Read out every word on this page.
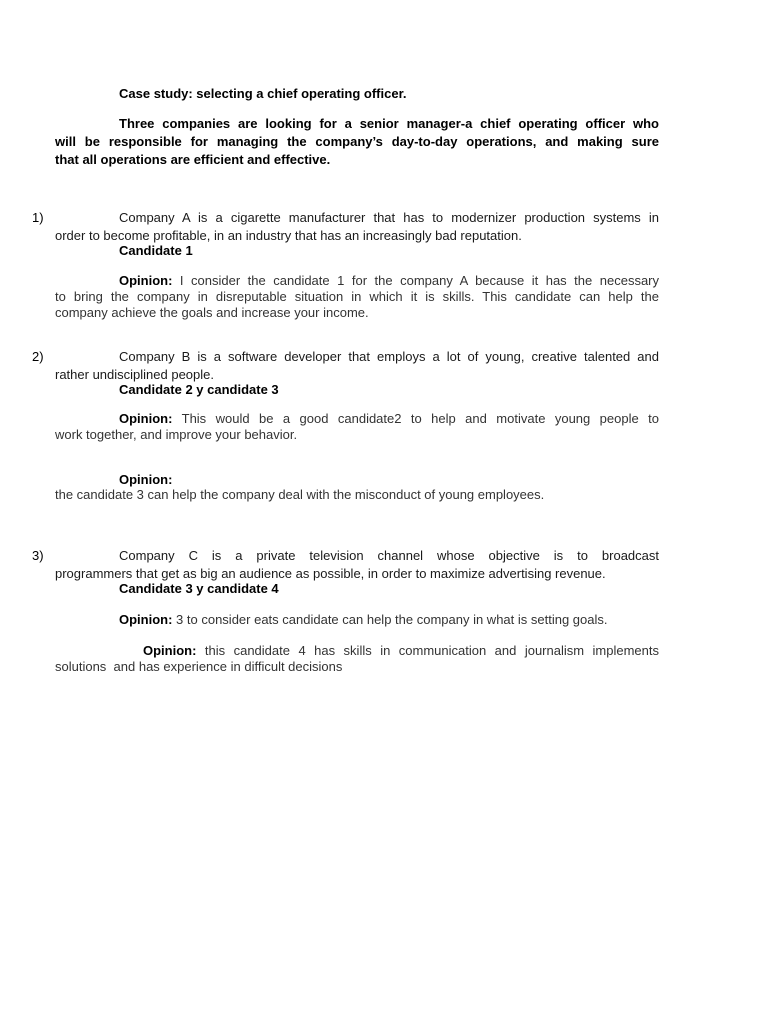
Case study: selecting a chief operating officer.
Three companies are looking for a senior manager-a chief operating officer who
will be responsible for managing the company’s day-to-day operations, and making sure
that all operations are efficient and effective.
1)	Company A is a cigarette manufacturer that has to modernizer production systems in
order to become profitable, in an industry that has an increasingly bad reputation.
Candidate 1
Opinion: I consider the candidate 1 for the company A because it has the necessary
to bring the company in disreputable situation in which it is skills. This candidate can help the
company achieve the goals and increase your income.
2)	Company B is a software developer that employs a lot of young, creative talented and
rather undisciplined people.
Candidate 2 y candidate 3
Opinion: This would be a good candidate2 to help and motivate young people to
work together, and improve your behavior.
Opinion:
the candidate 3 can help the company deal with the misconduct of young employees.
3)	Company C is a private television channel whose objective is to broadcast
programmers that get as big an audience as possible, in order to maximize advertising revenue.
Candidate 3 y candidate 4
Opinion: 3 to consider eats candidate can help the company in what is setting goals.
Opinion: this candidate 4 has skills in communication and journalism implements
solutions  and has experience in difficult decisions
